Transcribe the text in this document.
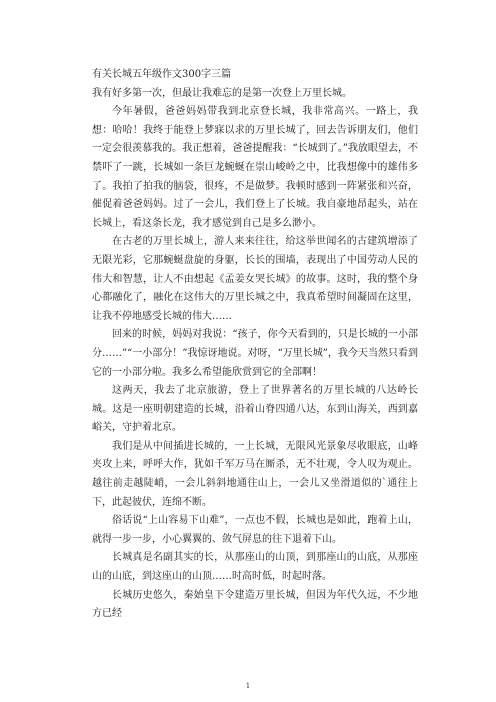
有关长城五年级作文300字三篇

我有好多第一次，但最让我难忘的是第一次登上万里长城。

今年暑假，爸爸妈妈带我到北京登长城，我非常高兴。一路上，我想：哈哈！我终于能登上梦寐以求的万里长城了，回去告诉朋友们，他们一定会很羡慕我的。我正想着，爸爸提醒我：“长城到了。”我放眼望去，不禁吓了一跳，长城如一条巨龙蜿蜒在崇山峻岭之中，比我想像中的雄伟多了。我拍了拍我的脑袋，很疼，不是做梦。我顿时感到一阵紧张和兴奋，催促着爸爸妈妈。过了一会儿，我们登上了长城。我自豪地昂起头，站在长城上，看这条长龙，我才感觉到自己是多么渺小。

在古老的万里长城上，游人来来往往，给这举世闻名的古建筑增添了无限光彩，它那蜿蜒盘旋的身躯，长长的围墙，表现出了中国劳动人民的伟大和智慧，让人不由想起《孟姜女哭长城》的故事。这时，我的整个身心都融化了，融化在这伟大的万里长城之中，我真希望时间凝固在这里，让我不停地感受长城的伟大……

回来的时候，妈妈对我说：“孩子，你今天看到的，只是长城的一小部分……”“一小部分！”我惊讶地说。对呀，“万里长城”，我今天当然只看到它的一小部分啦。我多么希望能欣赏到它的全部啊！

这两天，我去了北京旅游，登上了世界著名的万里长城的八达岭长城。这是一座明朝建造的长城，沿着山脊四通八达，东到山海关，西到嘉峪关，守护着北京。

我们是从中间插进长城的，一上长城，无限风光景象尽收眼底，山峰夹攻上来，呼呼大作，犹如千军万马在厮杀，无不壮观，令人叹为观止。越往前走越陡峭，一会儿斜斜地通往山上，一会儿又坐滑道似的`通往上下，此起彼伏，连绵不断。

俗话说“上山容易下山难”，一点也不假，长城也是如此，跑着上山，就得一步一步，小心翼翼的、敛气屏息的往下退着下山。

长城真是名副其实的长，从那座山的山顶，到那座山的山底，从那座山的山底，到这座山的山顶……时高时低，时起时落。

长城历史悠久，秦始皇下令建造万里长城，但因为年代久远，不少地方已经

1
